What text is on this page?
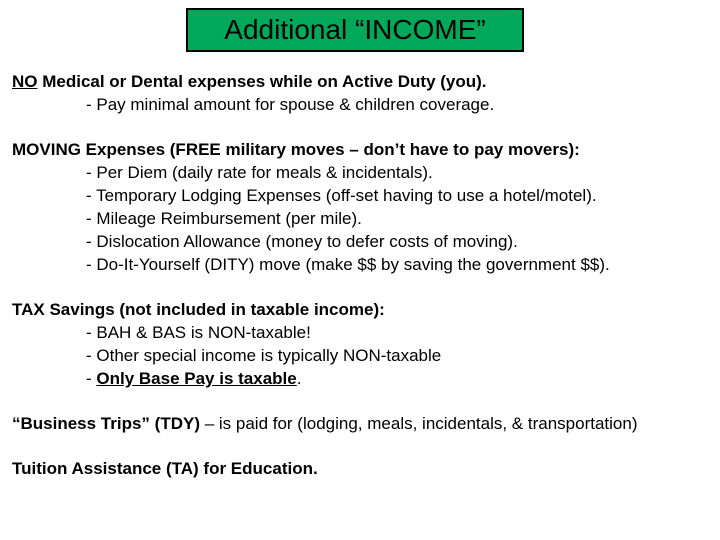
Additional “INCOME”
NO Medical or Dental expenses while on Active Duty (you).
- Pay minimal amount for spouse & children coverage.
MOVING Expenses (FREE military moves – don’t have to pay movers):
- Per Diem (daily rate for meals & incidentals).
- Temporary Lodging Expenses (off-set having to use a hotel/motel).
- Mileage Reimbursement (per mile).
- Dislocation Allowance (money to defer costs of moving).
- Do-It-Yourself (DITY) move (make $$ by saving the government $$).
TAX Savings (not included in taxable income):
- BAH & BAS is NON-taxable!
- Other special income is typically NON-taxable
- Only Base Pay is taxable.
“Business Trips” (TDY) – is paid for (lodging, meals, incidentals, & transportation)
Tuition Assistance (TA) for Education.
